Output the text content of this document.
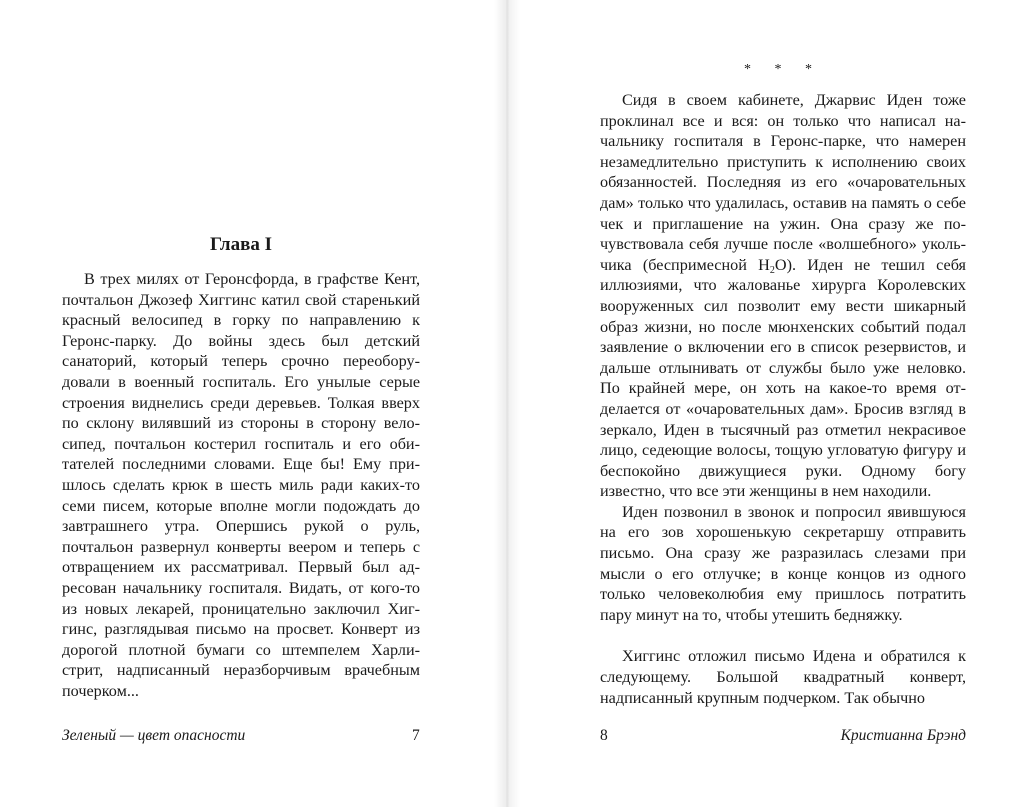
Глава I

В трех милях от Геронсфорда, в графстве Кент, почтальон Джозеф Хиггинс катил свой старенький красный велосипед в горку по направлению к Геронс-парку. До войны здесь был детский санаторий, который теперь срочно переоборудовали в военный госпиталь. Его унылые серые строения виднелись среди деревьев. Толкая вверх по склону вилявший из стороны в сторону велосипед, почтальон костерил госпиталь и его обитателей последними словами. Еще бы! Ему пришлось сделать крюк в шесть миль ради каких-то семи писем, которые вполне могли подождать до завтрашнего утра. Опершись рукой о руль, почтальон развернул конверты веером и теперь с отвращением их рассматривал. Первый был адресован начальнику госпиталя. Видать, от кого-то из новых лекарей, проницательно заключил Хиггинс, разглядывая письмо на просвет. Конверт из дорогой плотной бумаги со штемпелем Харлистрит, надписанный неразборчивым врачебным почерком...

Зеленый — цвет опасности	7

* * *

Сидя в своем кабинете, Джарвис Иден тоже проклинал все и вся: он только что написал начальнику госпиталя в Геронс-парке, что намерен незамедлительно приступить к исполнению своих обязанностей. Последняя из его «очаровательных дам» только что удалилась, оставив на память о себе чек и приглашение на ужин. Она сразу же почувствовала себя лучше после «волшебного» укольчика (беспримесной $H_2O$). Иден не тешил себя иллюзиями, что жалованье хирурга Королевских вооруженных сил позволит ему вести шикарный образ жизни, но после мюнхенских событий подал заявление о включении его в список резервистов, и дальше отлынивать от службы было уже неловко. По крайней мере, он хоть на какое-то время отделается от «очаровательных дам». Бросив взгляд в зеркало, Иден в тысячный раз отметил некрасивое лицо, седеющие волосы, тощую угловатую фигуру и беспокойно движущиеся руки. Одному богу известно, что все эти женщины в нем находили.

Иден позвонил в звонок и попросил явившуюся на его зов хорошенькую секретаршу отправить письмо. Она сразу же разразилась слезами при мысли о его отлучке; в конце концов из одного только человеколюбия ему пришлось потратить пару минут на то, чтобы утешить бедняжку.

Хиггинс отложил письмо Идена и обратился к следующему. Большой квадратный конверт, надписанный крупным подчерком. Так обычно

8	Кристианна Брэнд
